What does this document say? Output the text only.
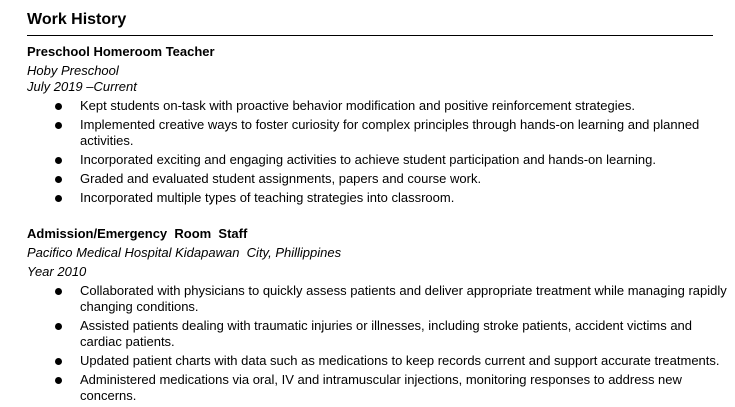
Work History
Preschool Homeroom Teacher
Hoby Preschool
July 2019 –Current
Kept students on-task with proactive behavior modification and positive reinforcement strategies.
Implemented creative ways to foster curiosity for complex principles through hands-on learning and planned activities.
Incorporated exciting and engaging activities to achieve student participation and hands-on learning.
Graded and evaluated student assignments, papers and course work.
Incorporated multiple types of teaching strategies into classroom.
Admission/Emergency  Room  Staff
Pacifico Medical Hospital Kidapawan  City, Phillippines
Year 2010
Collaborated with physicians to quickly assess patients and deliver appropriate treatment while managing rapidly changing conditions.
Assisted patients dealing with traumatic injuries or illnesses, including stroke patients, accident victims and cardiac patients.
Updated patient charts with data such as medications to keep records current and support accurate treatments.
Administered medications via oral, IV and intramuscular injections, monitoring responses to address new concerns.
